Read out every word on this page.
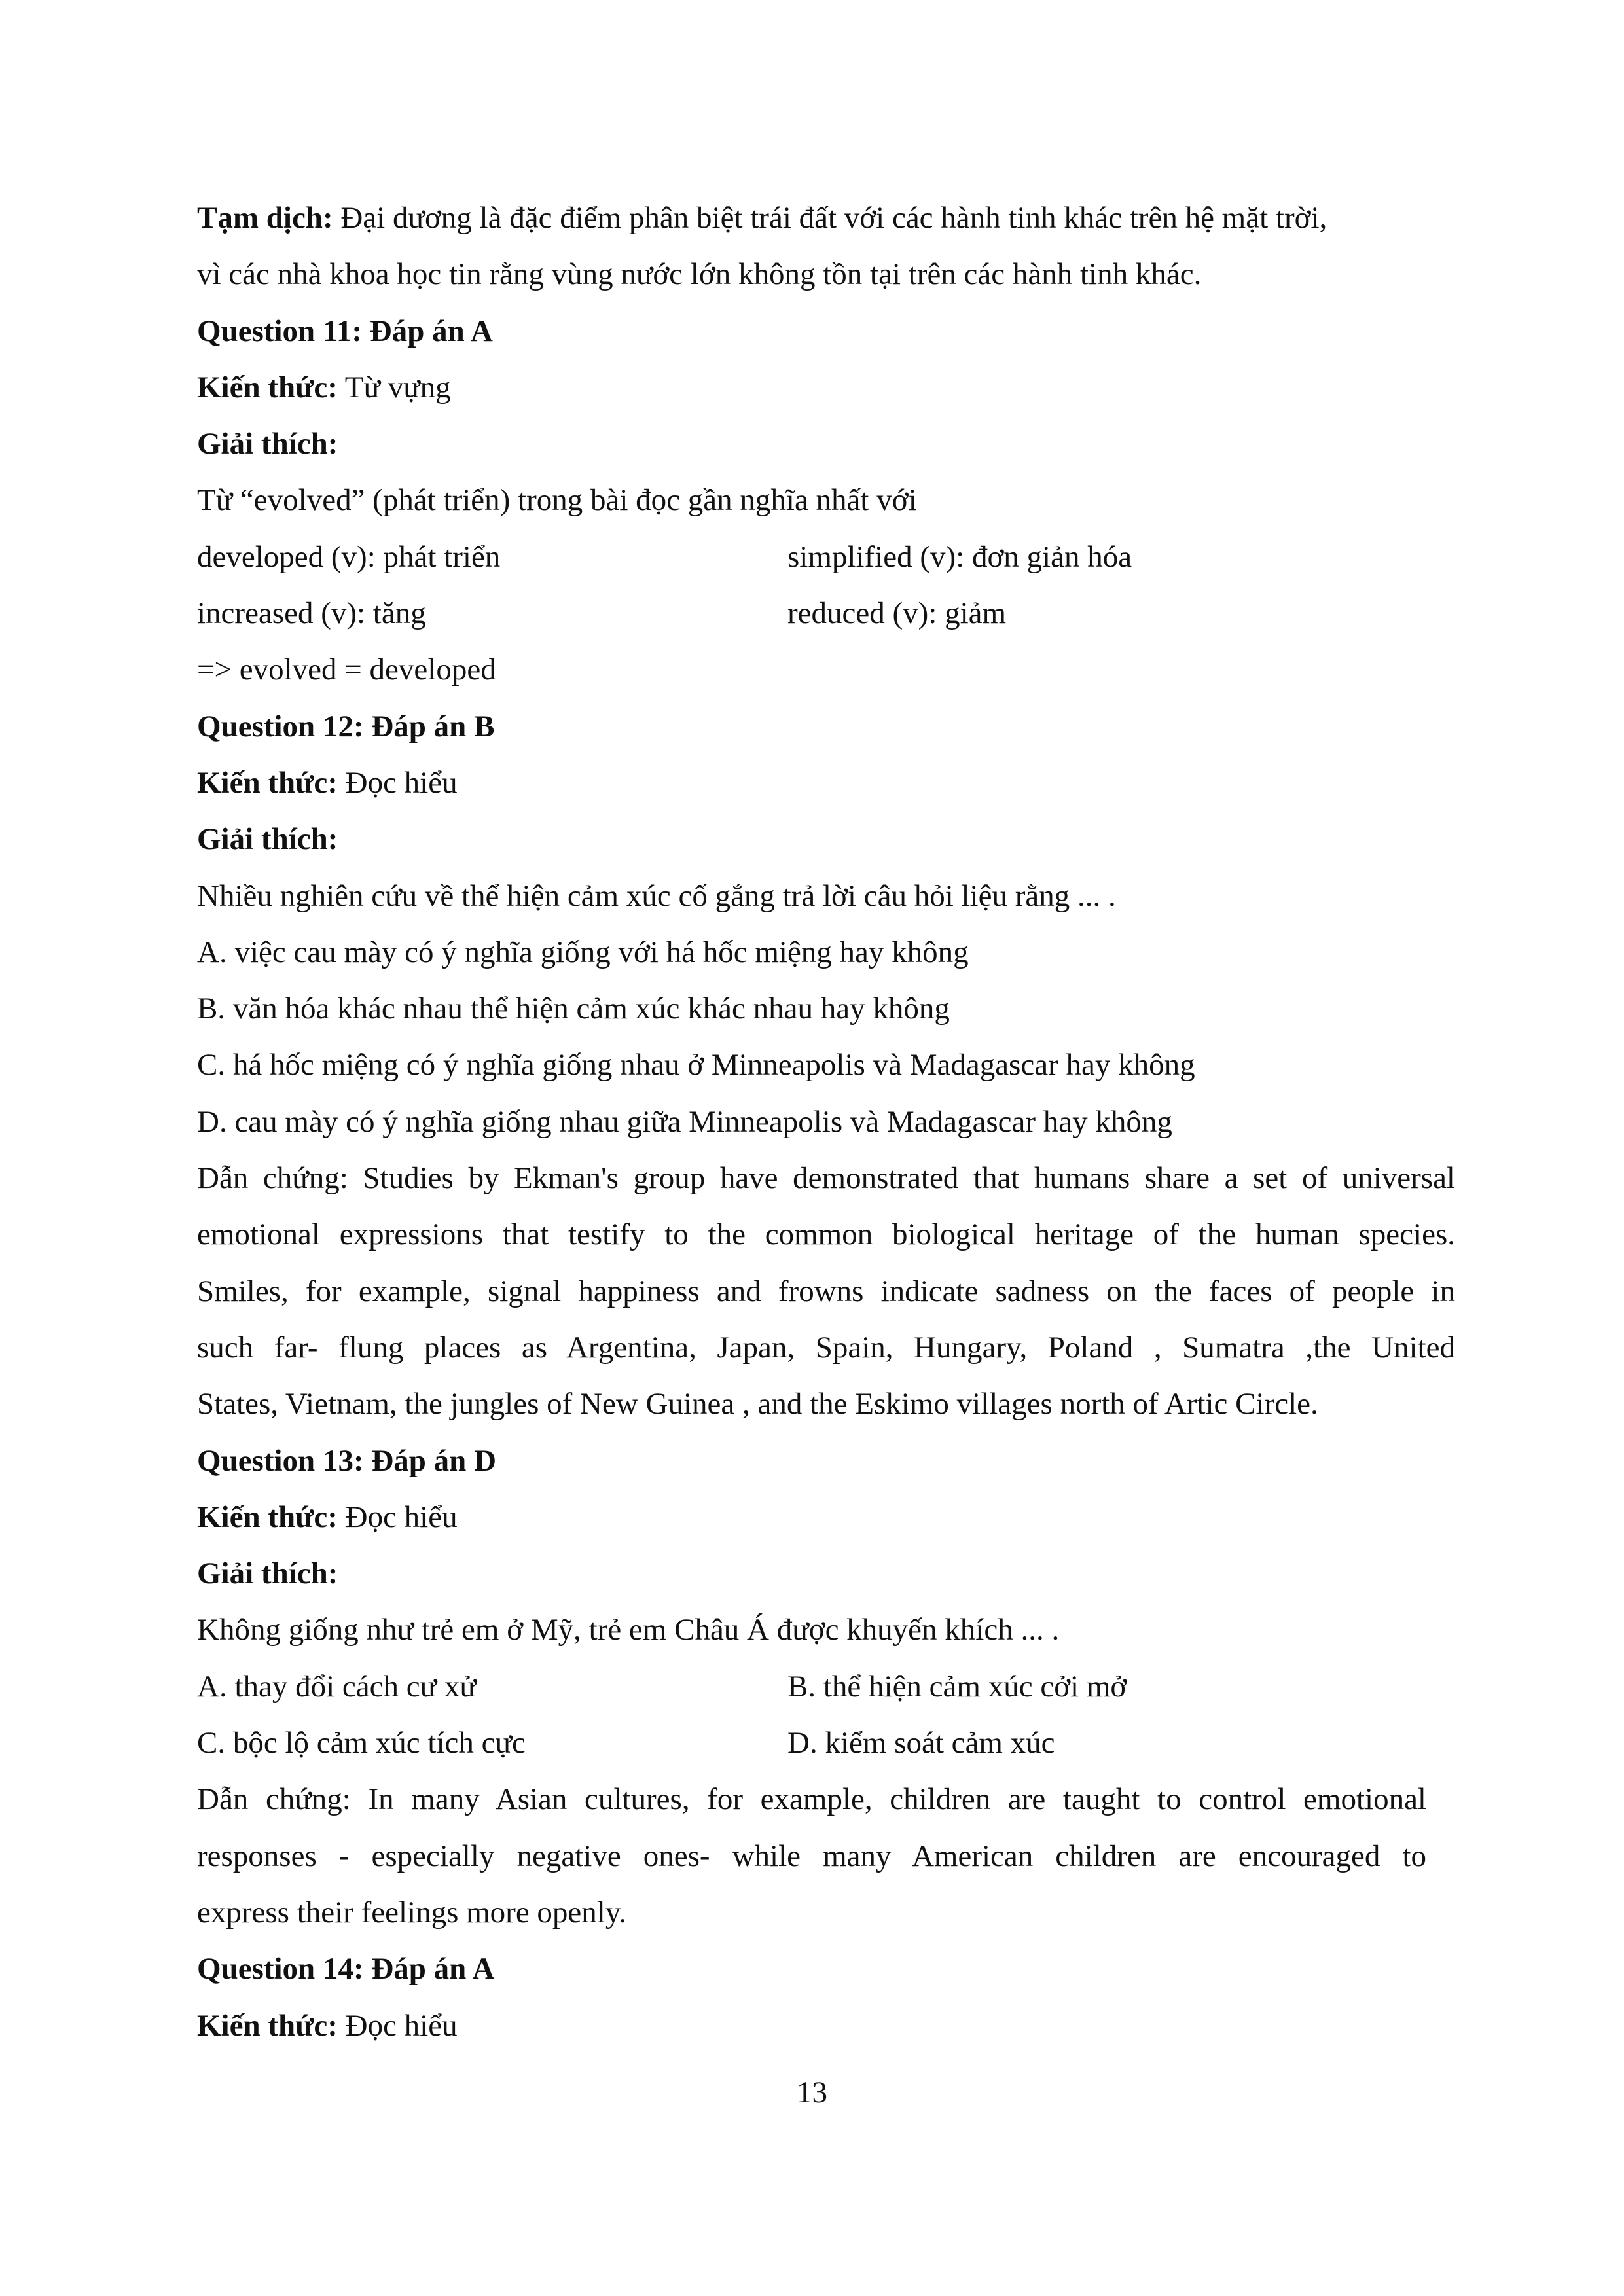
Tạm dịch: Đại dương là đặc điểm phân biệt trái đất với các hành tinh khác trên hệ mặt trời,
vì các nhà khoa học tin rằng vùng nước lớn không tồn tại trên các hành tinh khác.
Question 11: Đáp án A
Kiến thức: Từ vựng
Giải thích:
Từ “evolved” (phát triển) trong bài đọc gần nghĩa nhất với
developed (v): phát triển	simplified (v): đơn giản hóa
increased (v): tăng	reduced (v): giảm
=> evolved = developed
Question 12: Đáp án B
Kiến thức: Đọc hiểu
Giải thích:
Nhiều nghiên cứu về thể hiện cảm xúc cố gắng trả lời câu hỏi liệu rằng ... .
A. việc cau mày có ý nghĩa giống với há hốc miệng hay không
B. văn hóa khác nhau thể hiện cảm xúc khác nhau hay không
C. há hốc miệng có ý nghĩa giống nhau ở Minneapolis và Madagascar hay không
D. cau mày có ý nghĩa giống nhau giữa Minneapolis và Madagascar hay không
Dẫn chứng: Studies by Ekman's group have demonstrated that humans share a set of universal
emotional expressions that testify to the common biological heritage of the human species.
Smiles, for example, signal happiness and frowns indicate sadness on the faces of people in
such far- flung places as Argentina, Japan, Spain, Hungary, Poland , Sumatra ,the United
States, Vietnam, the jungles of New Guinea , and the Eskimo villages north of Artic Circle.
Question 13: Đáp án D
Kiến thức: Đọc hiểu
Giải thích:
Không giống như trẻ em ở Mỹ, trẻ em Châu Á được khuyến khích ... .
A. thay đổi cách cư xử	B. thể hiện cảm xúc cởi mở
C. bộc lộ cảm xúc tích cực	D. kiểm soát cảm xúc
Dẫn chứng: In many Asian cultures, for example, children are taught to control emotional
responses - especially negative ones- while many American children are encouraged to
express their feelings more openly.
Question 14: Đáp án A
Kiến thức: Đọc hiểu
13
